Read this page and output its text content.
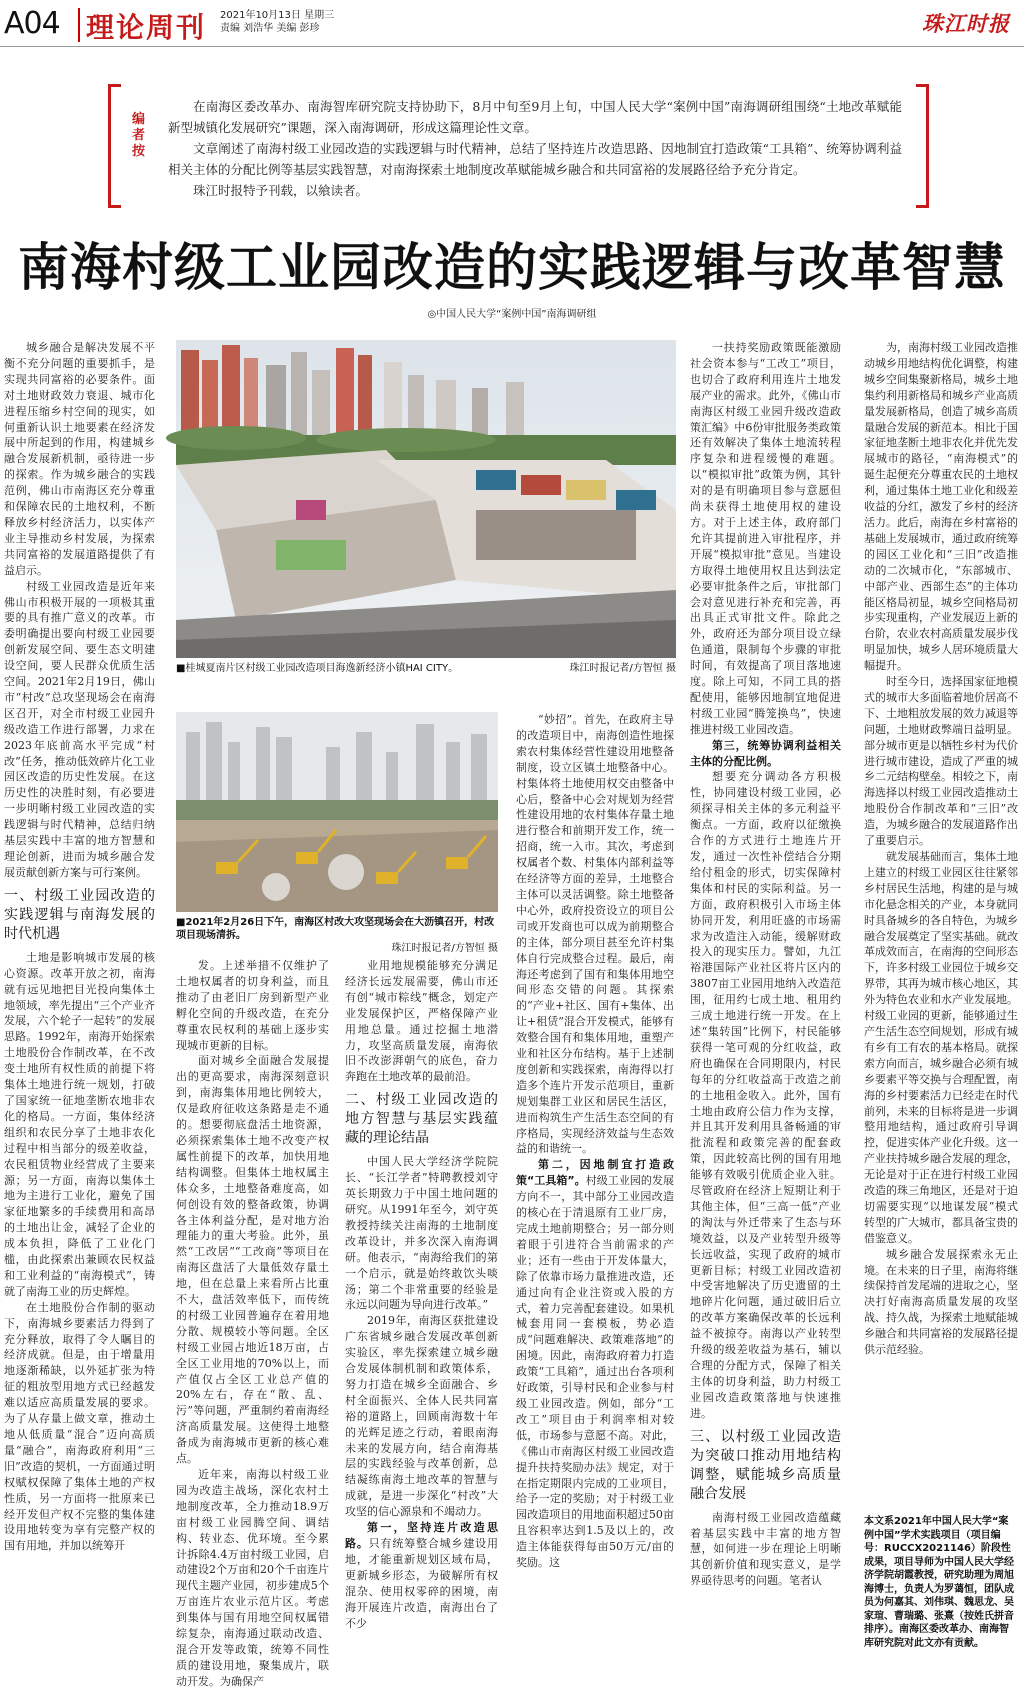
A04 理论周刊 2021年10月13日 星期三
责编 刘浩华 美编 彭珍	珠江时报
编者按

在南海区委改革办、南海智库研究院支持协助下，8月中旬至9月上旬，中国人民大学“案例中国”南海调研组围绕“土地改革赋能新型城镇化发展研究”课题，深入南海调研，形成这篇理论性文章。

文章阐述了南海村级工业园改造的实践逻辑与时代精神，总结了坚持连片改造思路、因地制宜打造政策“工具箱”、统筹协调利益相关主体的分配比例等基层实践智慧，对南海探索土地制度改革赋能城乡融合和共同富裕的发展路径给予充分肯定。

珠江时报特予刊载，以飨读者。

南海村级工业园改造的实践逻辑与改革智慧
◎中国人民大学“案例中国”南海调研组

城乡融合是解决发展不平衡不充分问题的重要抓手，是实现共同富裕的必要条件。面对土地财政效力衰退、城市化进程压缩乡村空间的现实，如何重新认识土地要素在经济发展中所起到的作用，构建城乡融合发展新机制，亟待进一步的探索。作为城乡融合的实践范例，佛山市南海区充分尊重和保障农民的土地权利，不断释放乡村经济活力，以实体产业主导推动乡村发展，为探索共同富裕的发展道路提供了有益启示。

村级工业园改造是近年来佛山市积极开展的一项极其重要的具有推广意义的改革。市委明确提出要向村级工业园要创新发展空间、要生态文明建设空间，要人民群众优质生活空间。2021年2月19日，佛山市“村改”总攻坚现场会在南海区召开，对全市村级工业园升级改造工作进行部署，力求在2023年底前高水平完成“村改”任务，推动低效碎片化工业园区改造的历史性发展。在这历史性的决胜时刻，有必要进一步明晰村级工业园改造的实践逻辑与时代精神，总结归纳基层实践中丰富的地方智慧和理论创新，进而为城乡融合发展贡献创新方案与可行案例。

一、村级工业园改造的实践逻辑与南海发展的时代机遇

土地是影响城市发展的核心资源。改革开放之初，南海就有远见地把目光投向集体土地领域，率先提出“三个产业齐发展，六个轮子一起转”的发展思路。1992年，南海开始探索土地股份合作制改革，在不改变土地所有权性质的前提下将集体土地进行统一规划，打破了国家统一征地垄断农地非农化的格局。一方面，集体经济组织和农民分享了土地非农化过程中相当部分的级差收益，农民租赁物业经营成了主要来源；另一方面，南海以集体土地为主进行工业化，避免了国家征地繁多的手续费用和高昂的土地出让金，减轻了企业的成本负担，降低了工业化门槛，由此探索出兼顾农民权益和工业利益的“南海模式”，铸就了南海工业的历史辉煌。

在土地股份合作制的驱动下，南海城乡要素活力得到了充分释放，取得了令人瞩目的经济成就。但是，由于增量用地逐渐稀缺，以外延扩张为特征的粗放型用地方式已经越发难以适应高质量发展的要求。为了从存量上做文章，推动土地从低质量“混合”迈向高质量“融合”，南海政府利用“三旧”改造的契机，一方面通过明权赋权保障了集体土地的产权性质，另一方面将一批原来已经开发但产权不完整的集体建设用地转变为享有完整产权的国有用地，并加以统筹开

■桂城夏南片区村级工业园改造项目海逸新经济小镇HAI CITY。	珠江时报记者/方智恒 摄

一扶持奖励政策既能激励社会资本参与“工改工”项目，也切合了政府利用连片土地发展产业的需求。此外，《佛山市南海区村级工业园升级改造政策汇编》中6份审批服务类政策还有效解决了集体土地流转程序复杂和进程缓慢的难题。以“模拟审批”政策为例，其针对的是有明确项目参与意愿但尚未获得土地使用权的建设方。对于上述主体，政府部门允许其提前进入审批程序，并开展“模拟审批”意见。当建设方取得土地使用权且达到法定必要审批条件之后，审批部门会对意见进行补充和完善，再出具正式审批文件。除此之外，政府还为部分项目设立绿色通道，限制每个步骤的审批时间，有效提高了项目落地速度。除上可知，不同工具的搭配使用，能够因地制宜地促进村级工业园“腾笼换鸟”，快速推进村级工业园改造。

第三，统筹协调利益相关主体的分配比例。

想要充分调动各方积极性，协同建设村级工业园，必须探寻相关主体的多元利益平衡点。一方面，政府以征缴换合作的方式进行土地连片开发，通过一次性补偿结合分期给付租金的形式，切实保障村集体和村民的实际利益。另一方面，政府积极引入市场主体协同开发，利用旺盛的市场需求为改造注入动能，缓解财政投入的现实压力。譬如，九江裕港国际产业社区将片区内的3807亩工业园用地纳入改造范围，征用约七成土地、租用约三成土地进行统一开发。在上述“集转国”比例下，村民能够获得一笔可观的分红收益，政府也确保在合同期限内，村民每年的分红收益高于改造之前的土地租金收入。此外，国有土地由政府公信力作为支撑，并且其开发利用具备畅通的审批流程和政策完善的配套政策，因此较高比例的国有用地能够有效吸引优质企业入驻。尽管政府在经济上短期让利于其他主体，但“三高一低”产业的淘汰与外迁带来了生态与环境效益，以及产业转型升级等长远收益，实现了政府的城市更新目标；村级工业园改造初中受害地解决了历史遗留的土地碎片化问题，通过破旧后立的改革方案确保改革的长远利益不被掠夺。南海以产业转型升级的级差收益为基石，辅以合理的分配方式，保障了相关主体的切身利益，助力村级工业园改造政策落地与快速推进。

三、以村级工业园改造为突破口推动用地结构调整，赋能城乡高质量融合发展

南海村级工业园改造蕴藏着基层实践中丰富的地方智慧，如何进一步在理论上明晰其创新价值和现实意义，是学界亟待思考的问题。笔者认

为，南海村级工业园改造推动城乡用地结构优化调整，构建城乡空间集聚新格局，城乡土地集约利用新格局和城乡产业高质量发展新格局，创造了城乡高质量融合发展的新范本。相比于国家征地垄断土地非农化并优先发展城市的路径，“南海模式”的诞生起便充分尊重农民的土地权利，通过集体土地工业化和级差收益的分红，激发了乡村的经济活力。此后，南海在乡村富裕的基础上发展城市，通过政府统筹的园区工业化和“三旧”改造推动的二次城市化，“东部城市、中部产业、西部生态”的主体功能区格局初显，城乡空间格局初步实现重构，产业发展迈上新的台阶，农业农村高质量发展步伐明显加快，城乡人居环境质量大幅提升。

时至今日，选择国家征地模式的城市大多面临着地价居高不下、土地粗放发展的效力减退等问题，土地财政弊端日益明显。部分城市更是以牺牲乡村为代价进行城市建设，造成了严重的城乡二元结构壁垒。相较之下，南海选择以村级工业园改造推动土地股份合作制改革和“三旧”改造，为城乡融合的发展道路作出了重要启示。

就发展基础而言，集体土地上建立的村级工业园区往往紧邻乡村居民生活地，构建的是与城市化悬念相关的产业，本身就同时具备城乡的各自特色，为城乡融合发展奠定了坚实基础。就改革成效而言，在南海的空间形态下，许多村级工业园位于城乡交界带，其再为城市核心地区，其外为特色农业和水产业发展地。村级工业园的更新，能够通过生产生活生态空间规划，形成有城有乡有工有农的基本格局。就探索方向而言，城乡融合必须有城乡要素平等交换与合理配置，南海的乡村要素活力已经走在时代前列，未来的目标将是进一步调整用地结构，通过政府引导调控，促进实体产业化升级。这一产业扶持城乡融合发展的理念，无论是对于正在进行村级工业园改造的珠三角地区，还是对于迫切需要实现“以地谋发展”模式转型的广大城市，都具备宝贵的借鉴意义。

城乡融合发展探索永无止境。在未来的日子里，南海将继续保持首发尾端的进取之心，坚决打好南海高质量发展的攻坚战、持久战，为探索土地赋能城乡融合和共同富裕的发展路径提供示范经验。

本文系2021年中国人民大学“案例中国”学术实践项目（项目编号：RUCCX2021146）阶段性成果，项目导师为中国人民大学经济学院胡霞教授，研究助理为周旭海博士，负责人为罗蔼恒，团队成员为何嘉其、刘伟琪、魏思龙、吴家瑄、曹瑞璐、张熹（按姓氏拼音排序）。南海区委改革办、南海智库研究院对此文亦有贡献。
■2021年2月26日下午，南海区村改大攻坚现场会在大沥镇召开，村改项目现场清拆。
珠江时报记者/方智恒 摄

发。上述举措不仅维护了土地权属者的切身利益，而且推动了由老旧厂房到新型产业孵化空间的升级改造，在充分尊重农民权利的基础上逐步实现城市更新的目标。

面对城乡全面融合发展提出的更高要求，南海深刻意识到，南海集体用地比例较大，仅是政府征收这条路是走不通的。想要彻底盘活土地资源，必须探索集体土地不改变产权属性前提下的改革，加快用地结构调整。但集体土地权属主体众多，土地整备难度高，如何创设有效的整备政策，协调各主体利益分配，是对地方治理能力的重大考验。此外，虽然“工改居”“工改商”等项目在南海区盘活了大量低效存量土地，但在总量上来看所占比重不大，盘活效率低下，而传统的村级工业园普遍存在着用地分散、规模较小等问题。全区村级工业园占地近18万亩，占全区工业用地的70%以上，而产值仅占全区工业总产值的20%左右，存在“散、乱、污”等问题，严重制约着南海经济高质量发展。这使得土地整备成为南海城市更新的核心难点。

近年来，南海以村级工业园为改造主战场，深化农村土地制度改革，全力推动18.9万亩村级工业园腾空间、调结构、转业态、优环境。至今累计拆除4.4万亩村级工业园，启动建设2个万亩和20个千亩连片现代主题产业园，初步建成5个万亩连片农业示范片区。考虑到集体与国有用地空间权属错综复杂，南海通过联动改造、混合开发等政策，统筹不同性质的建设用地，聚集成片，联动开发。为确保产

业用地规模能够充分满足经济长远发展需要，佛山市还有创“城市粽线”概念，划定产业发展保护区，严格保障产业用地总量。通过挖掘土地潜力，攻坚高质量发展，南海依旧不改澎湃朝气的底色，奋力奔跑在土地改革的最前沿。

二、村级工业园改造的地方智慧与基层实践蕴藏的理论结晶

中国人民大学经济学院院长、“长江学者”特聘教授刘守英长期致力于中国土地问题的研究。从1991年至今，刘守英教授持续关注南海的土地制度改革设计，并多次深入南海调研。他表示，“南海给我们的第一个启示，就是始终敢饮头啖汤；第二个非常重要的经验是永远以问题为导向进行改革。”

2019年，南海区获批建设广东省城乡融合发展改革创新实验区，率先探索建立城乡融合发展体制机制和政策体系，努力打造在城乡全面融合、乡村全面振兴、全体人民共同富裕的道路上，回顾南海数十年的光辉足迹之行动，着眼南海未来的发展方向，结合南海基层的实践经验与改革创新，总结凝练南海土地改革的智慧与成就，是进一步深化“村改”大攻坚的信心源泉和不竭动力。

第一，坚持连片改造思路。只有统筹整合城乡建设用地，才能重新规划区域布局，更新城乡形态，为破解所有权混杂、使用权零碎的困境，南海开展连片改造，南海出台了不少

“妙招”。首先，在政府主导的改造项目中，南海创造性地探索农村集体经营性建设用地整备制度，设立区镇土地整备中心。村集体将土地使用权交由整备中心后，整备中心会对规划为经营性建设用地的农村集体存量土地进行整合和前期开发工作，统一招商，统一入市。其次，考虑到权属者个数、村集体内部利益等在经济等方面的差异，土地整合主体可以灵活调整。除土地整备中心外，政府投资设立的项目公司或开发商也可以成为前期整合的主体，部分项目甚至允许村集体自行完成整合过程。最后，南海还考虑到了国有和集体用地空间形态交错的问题。其探索的“产业+社区、国有+集体、出让+租赁”混合开发模式，能够有效整合国有和集体用地，重塑产业和社区分布结构。基于上述制度创新和实践探索，南海得以打造多个连片开发示范项目，重新规划集群工业区和居民生活区，进而构筑生产生活生态空间的有序格局，实现经济效益与生态效益的和谐统一。

第二，因地制宜打造政策“工具箱”。村级工业园的发展方向不一，其中部分工业园改造的核心在于清退原有工业厂房，完成土地前期整合；另一部分则着眼于引进符合当前需求的产业；还有一些由于开发体量大，除了依靠市场力量推进改造，还通过向有企业注资或入股的方式，着力完善配套建设。如果机械套用同一套模板，势必造成“问题难解决、政策难落地”的困境。因此，南海政府着力打造政策“工具箱”，通过出台各项利好政策，引导村民和企业参与村级工业园改造。例如，部分“工改工”项目由于利润率相对较低，市场参与意愿不高。对此，《佛山市南海区村级工业园改造提升扶持奖励办法》规定，对于在指定期限内完成的工业项目，给予一定的奖励；对于村级工业园改造项目的用地面积超过50亩且容积率达到1.5及以上的，改造主体能获得每亩50万元/亩的奖励。这
